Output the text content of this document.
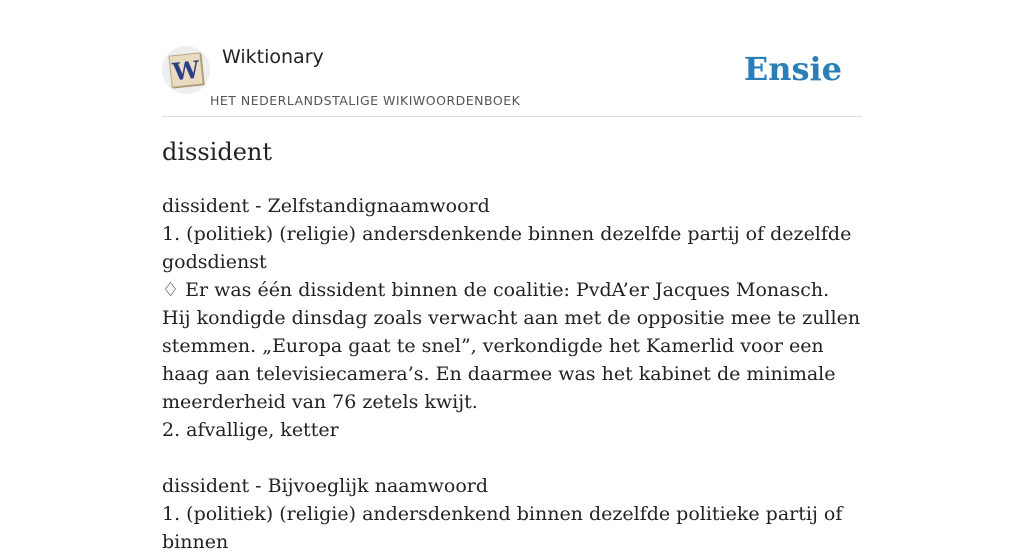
W Wiktionary
HET NEDERLANDSTALIGE WIKIWOORDENBOEK
Ensie
dissident

dissident - Zelfstandignaamwoord

1. (politiek) (religie) andersdenkende binnen dezelfde partij of dezelfde godsdienst

♢ Er was één dissident binnen de coalitie: PvdA’er Jacques Monasch. Hij kondigde dinsdag zoals verwacht aan met de oppositie mee te zullen stemmen. „Europa gaat te snel”, verkondigde het Kamerlid voor een haag aan televisiecamera’s. En daarmee was het kabinet de minimale meerderheid van 76 zetels kwijt.

2. afvallige, ketter

dissident - Bijvoeglijk naamwoord

1. (politiek) (religie) andersdenkend binnen dezelfde politieke partij of binnen
